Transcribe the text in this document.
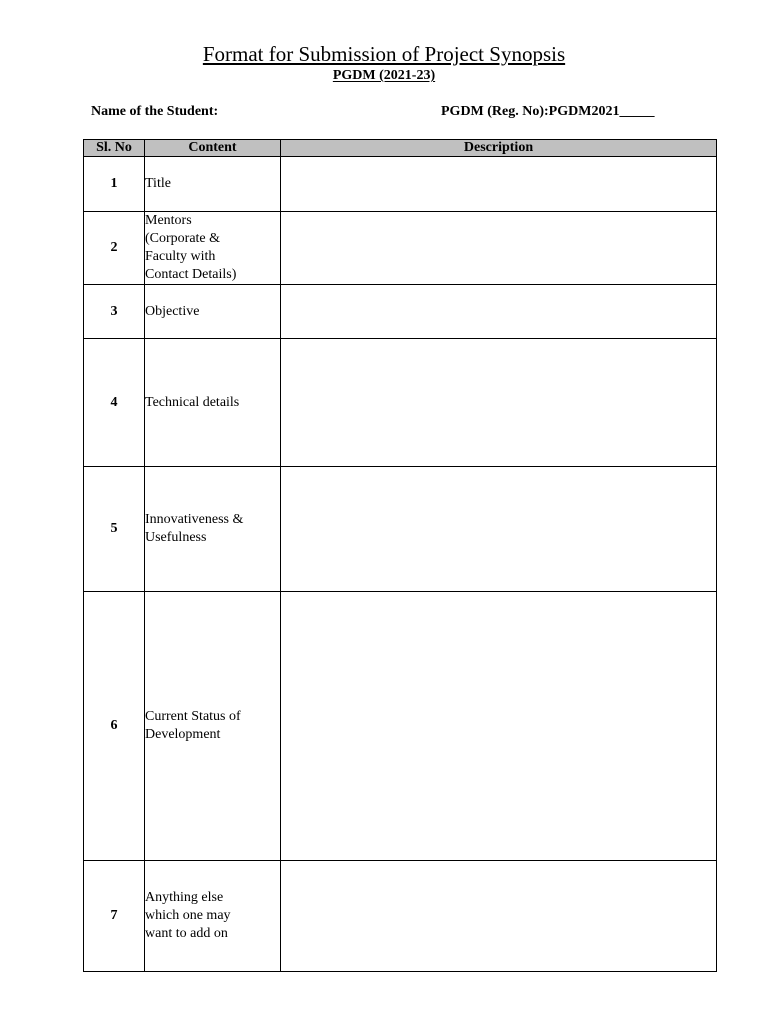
Format for Submission of Project Synopsis
PGDM (2021-23)
Name of the Student:	PGDM (Reg. No):PGDM2021_____
Sl. No	Content	Description
1	Title	
2	Mentors
(Corporate &
Faculty with
Contact Details)	
3	Objective	
4	Technical details	
5	Innovativeness &
Usefulness	
6	Current Status of
Development	
7	Anything else
which one may
want to add on	
